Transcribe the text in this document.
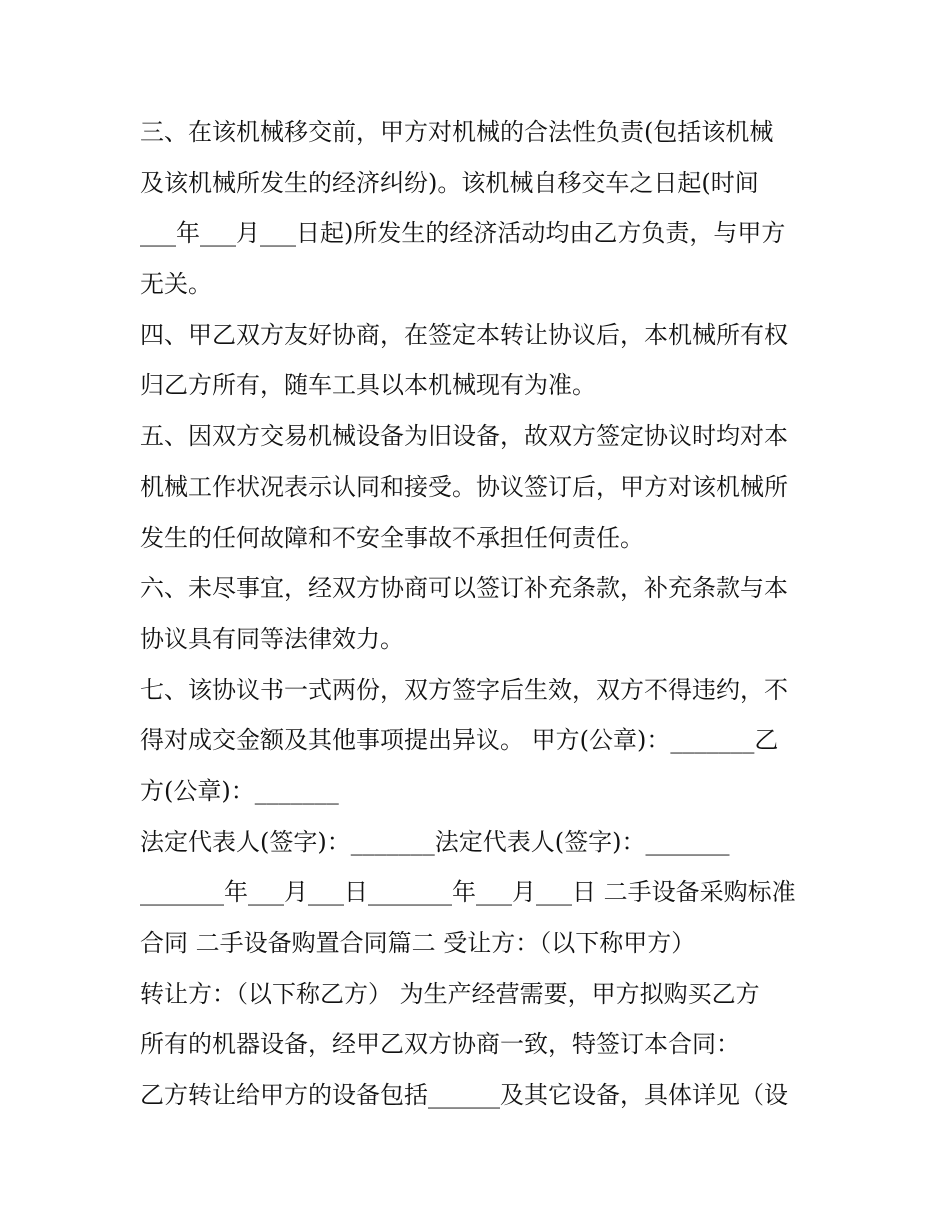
三、在该机械移交前，甲方对机械的合法性负责(包括该机械
及该机械所发生的经济纠纷)。该机械自移交车之日起(时间
___年___月___日起)所发生的经济活动均由乙方负责，与甲方
无关。
四、甲乙双方友好协商，在签定本转让协议后，本机械所有权
归乙方所有，随车工具以本机械现有为准。
五、因双方交易机械设备为旧设备，故双方签定协议时均对本
机械工作状况表示认同和接受。协议签订后，甲方对该机械所
发生的任何故障和不安全事故不承担任何责任。
六、未尽事宜，经双方协商可以签订补充条款，补充条款与本
协议具有同等法律效力。
七、该协议书一式两份，双方签字后生效，双方不得违约，不
得对成交金额及其他事项提出异议。 甲方(公章)：_______乙
方(公章)：_______
法定代表人(签字)：_______法定代表人(签字)：_______
_______年___月___日_______年___月___日 二手设备采购标准
合同 二手设备购置合同篇二 受让方：（以下称甲方）
转让方：（以下称乙方） 为生产经营需要，甲方拟购买乙方
所有的机器设备，经甲乙双方协商一致，特签订本合同：
乙方转让给甲方的设备包括______及其它设备，具体详见（设
